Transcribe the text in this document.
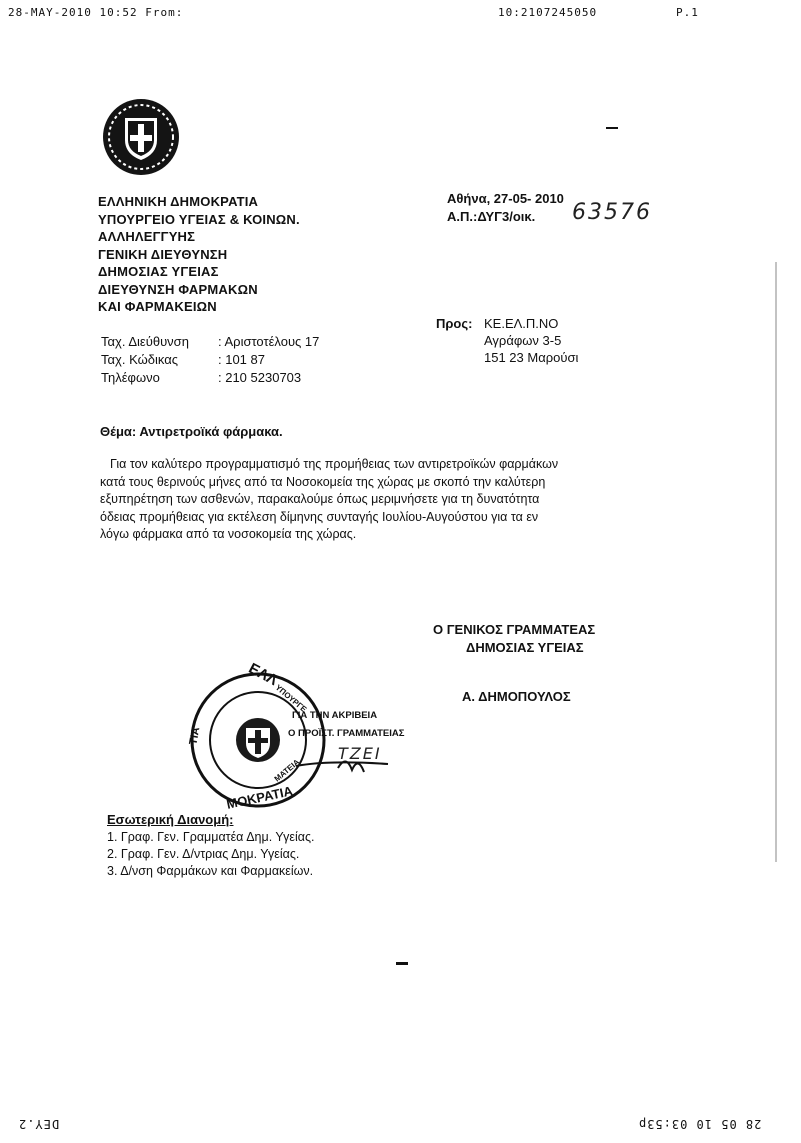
28-MAY-2010 10:52 From:	10:2107245050	P.1
ΕΛΛΗΝΙΚΗ ΔΗΜΟΚΡΑΤΙΑ
ΥΠΟΥΡΓΕΙΟ ΥΓΕΙΑΣ & ΚΟΙΝΩΝ.
ΑΛΛΗΛΕΓΓΥΗΣ
ΓΕΝΙΚΗ ΔΙΕΥΘΥΝΣΗ
ΔΗΜΟΣΙΑΣ ΥΓΕΙΑΣ
ΔΙΕΥΘΥΝΣΗ ΦΑΡΜΑΚΩΝ
ΚΑΙ ΦΑΡΜΑΚΕΙΩΝ
Αθήνα, 27-05- 2010
Α.Π.:ΔΥΓ3/οικ. 63576
Ταχ. Διεύθυνση : Αριστοτέλους 17
Ταχ. Κώδικας	: 101 87
Τηλέφωνο	: 210 5230703
Προς: ΚΕ.ΕΛ.Π.ΝΟ
Αγράφων 3-5
151 23 Μαρούσι
Θέμα: Αντιρετροϊκά φάρμακα.
Για τον καλύτερο προγραμματισμό της προμήθειας των αντιρετροϊκών φαρμάκων
κατά τους θερινούς μήνες από τα Νοσοκομεία της χώρας με σκοπό την καλύτερη
εξυπηρέτηση των ασθενών, παρακαλούμε όπως μεριμνήσετε για τη δυνατότητα
όδειας προμήθειας για εκτέλεση δίμηνης συνταγής Ιουλίου-Αυγούστου για τα εν
λόγω φάρμακα από τα νοσοκομεία της χώρας.
Ο ΓΕΝΙΚΟΣ ΓΡΑΜΜΑΤΕΑΣ
ΔΗΜΟΣΙΑΣ ΥΓΕΙΑΣ
Α. ΔΗΜΟΠΟΥΛΟΣ
ΕΛΛ
ΜΟΚΡΑΤΙΑ
ΤΙΑ
ΥΠΟΥΡΓΕ
ΜΑΤΕΙΑ
ΓΙΑ ΤΗΝ ΑΚΡΙΒΕΙΑ
Ο ΠΡΟΪΣΤ. ΓΡΑΜΜΑΤΕΙΑΣ
ΤΖΕΙ
Εσωτερική Διανομή:
1. Γραφ. Γεν. Γραμματέα Δημ. Υγείας.
2. Γραφ. Γεν. Δ/ντριας Δημ. Υγείας.
3. Δ/νση Φαρμάκων και Φαρμακείων.
DEY.2	28 05 10 03:53p
